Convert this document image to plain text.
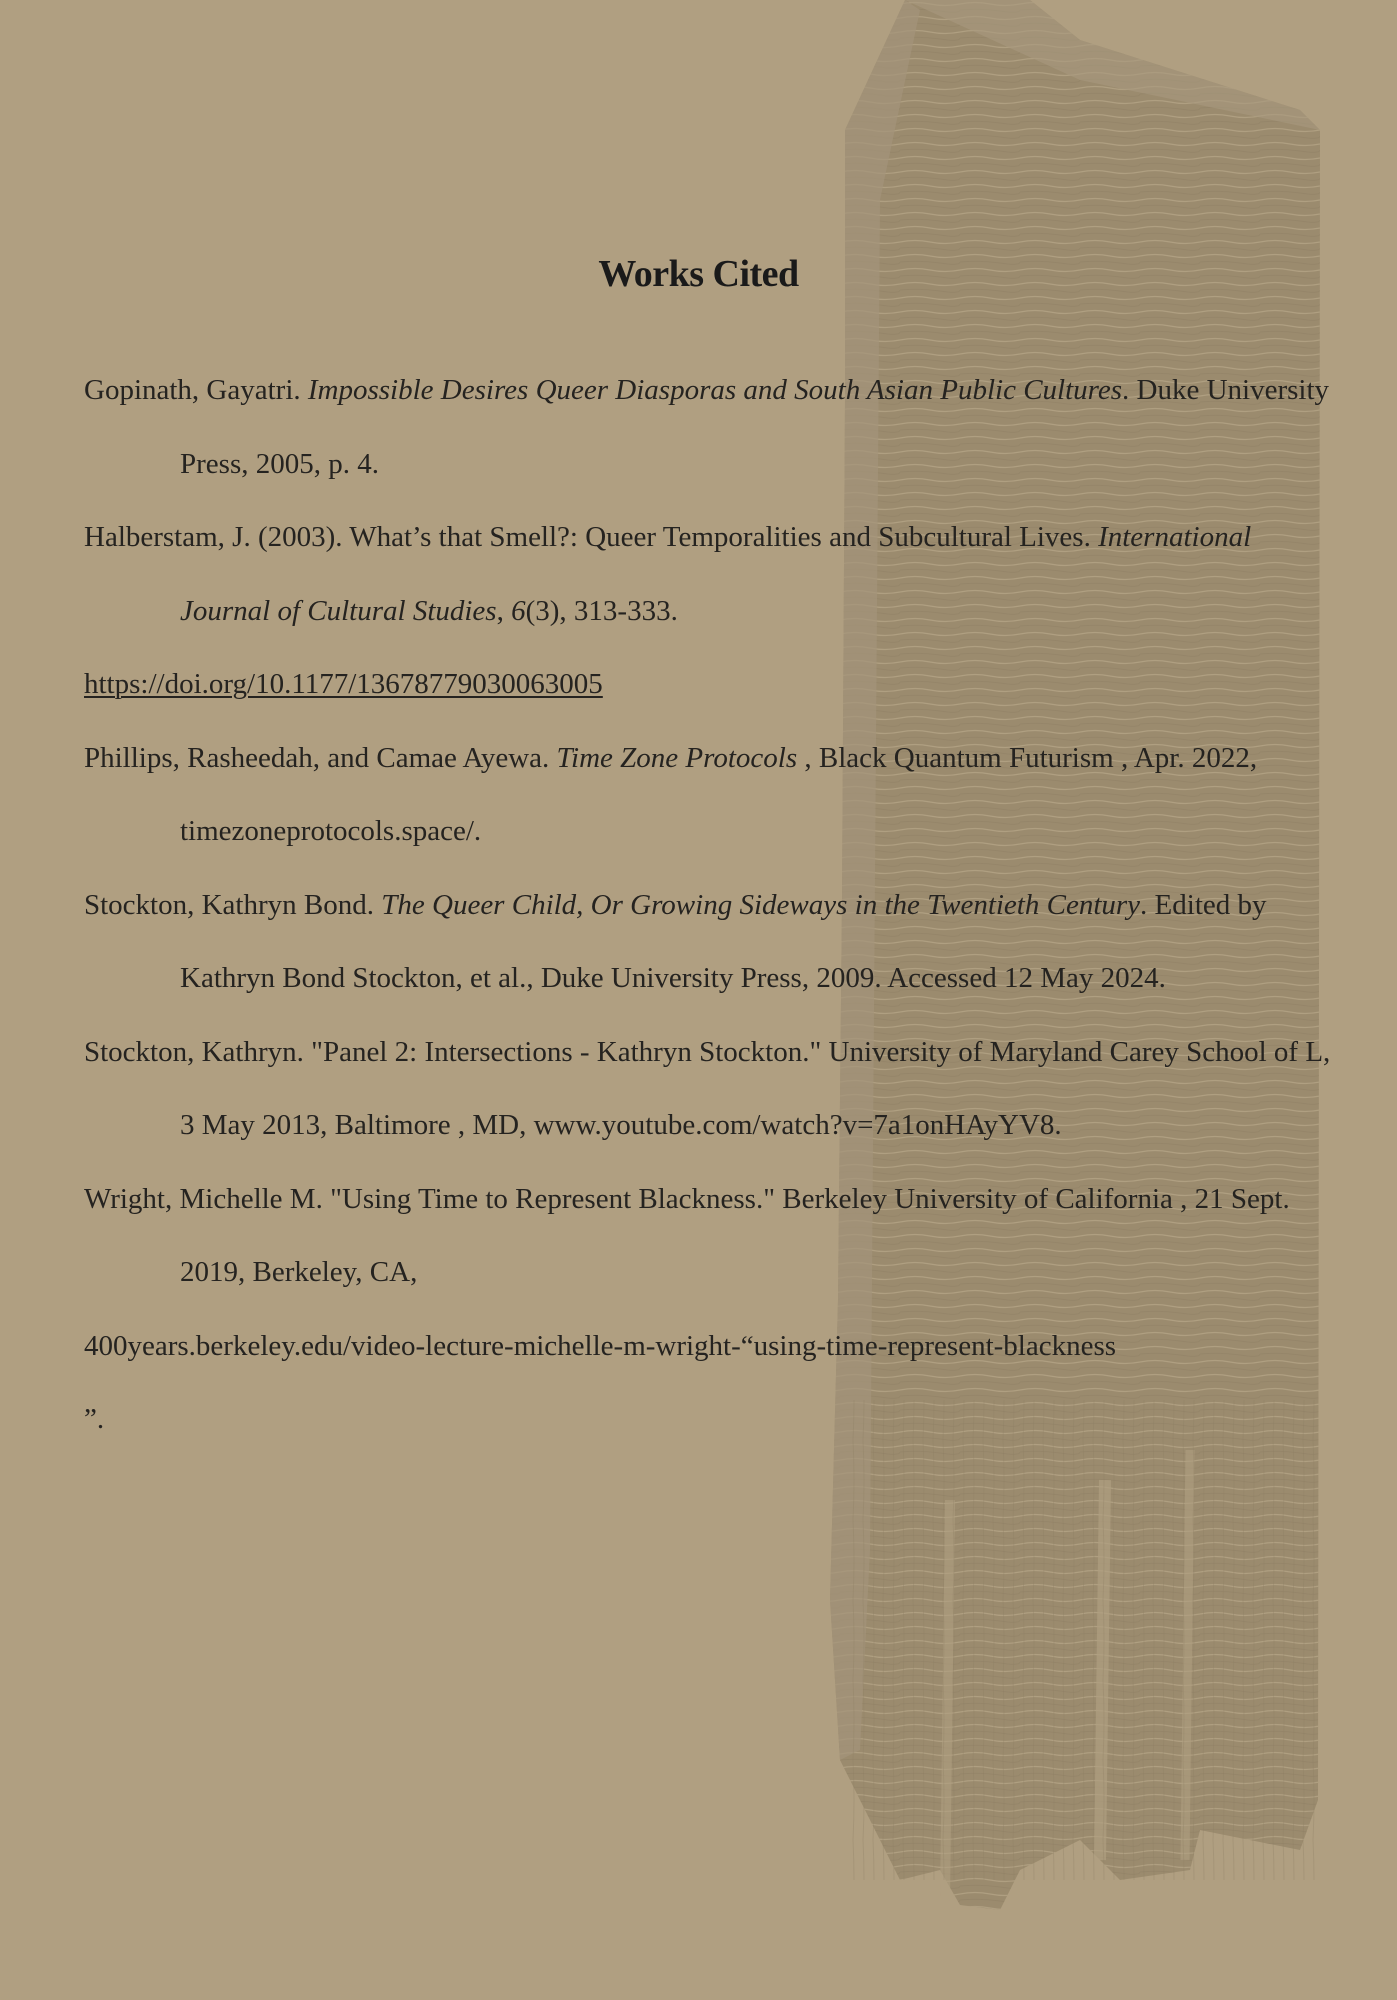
Works Cited
Gopinath, Gayatri. Impossible Desires Queer Diasporas and South Asian Public Cultures. Duke University Press, 2005, p. 4.
Halberstam, J. (2003). What’s that Smell?: Queer Temporalities and Subcultural Lives. International Journal of Cultural Studies, 6(3), 313-333.
https://doi.org/10.1177/13678779030063005
Phillips, Rasheedah, and Camae Ayewa. Time Zone Protocols , Black Quantum Futurism , Apr. 2022, timezoneprotocols.space/.
Stockton, Kathryn Bond. The Queer Child, Or Growing Sideways in the Twentieth Century. Edited by Kathryn Bond Stockton, et al., Duke University Press, 2009. Accessed 12 May 2024.
Stockton, Kathryn. "Panel 2: Intersections - Kathryn Stockton." University of Maryland Carey School of L, 3 May 2013, Baltimore , MD, www.youtube.com/watch?v=7a1onHAyYV8.
Wright, Michelle M. "Using Time to Represent Blackness." Berkeley University of California , 21 Sept. 2019, Berkeley, CA,
400years.berkeley.edu/video-lecture-michelle-m-wright-“using-time-represent-blackness
”.
